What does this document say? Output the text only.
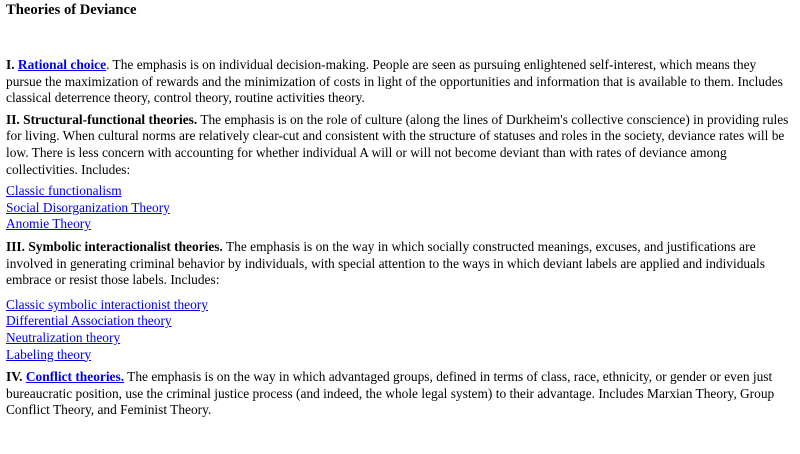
Theories of Deviance

I. Rational choice. The emphasis is on individual decision-making. People are seen as pursuing enlightened self-interest, which means they pursue the maximization of rewards and the minimization of costs in light of the opportunities and information that is available to them. Includes classical deterrence theory, control theory, routine activities theory.

II. Structural-functional theories. The emphasis is on the role of culture (along the lines of Durkheim's collective conscience) in providing rules for living. When cultural norms are relatively clear-cut and consistent with the structure of statuses and roles in the society, deviance rates will be low. There is less concern with accounting for whether individual A will or will not become deviant than with rates of deviance among collectivities. Includes:

Classic functionalism
Social Disorganization Theory
Anomie Theory

III. Symbolic interactionalist theories. The emphasis is on the way in which socially constructed meanings, excuses, and justifications are involved in generating criminal behavior by individuals, with special attention to the ways in which deviant labels are applied and individuals embrace or resist those labels. Includes:

Classic symbolic interactionist theory
Differential Association theory
Neutralization theory
Labeling theory

IV. Conflict theories. The emphasis is on the way in which advantaged groups, defined in terms of class, race, ethnicity, or gender or even just bureaucratic position, use the criminal justice process (and indeed, the whole legal system) to their advantage. Includes Marxian Theory, Group Conflict Theory, and Feminist Theory.
